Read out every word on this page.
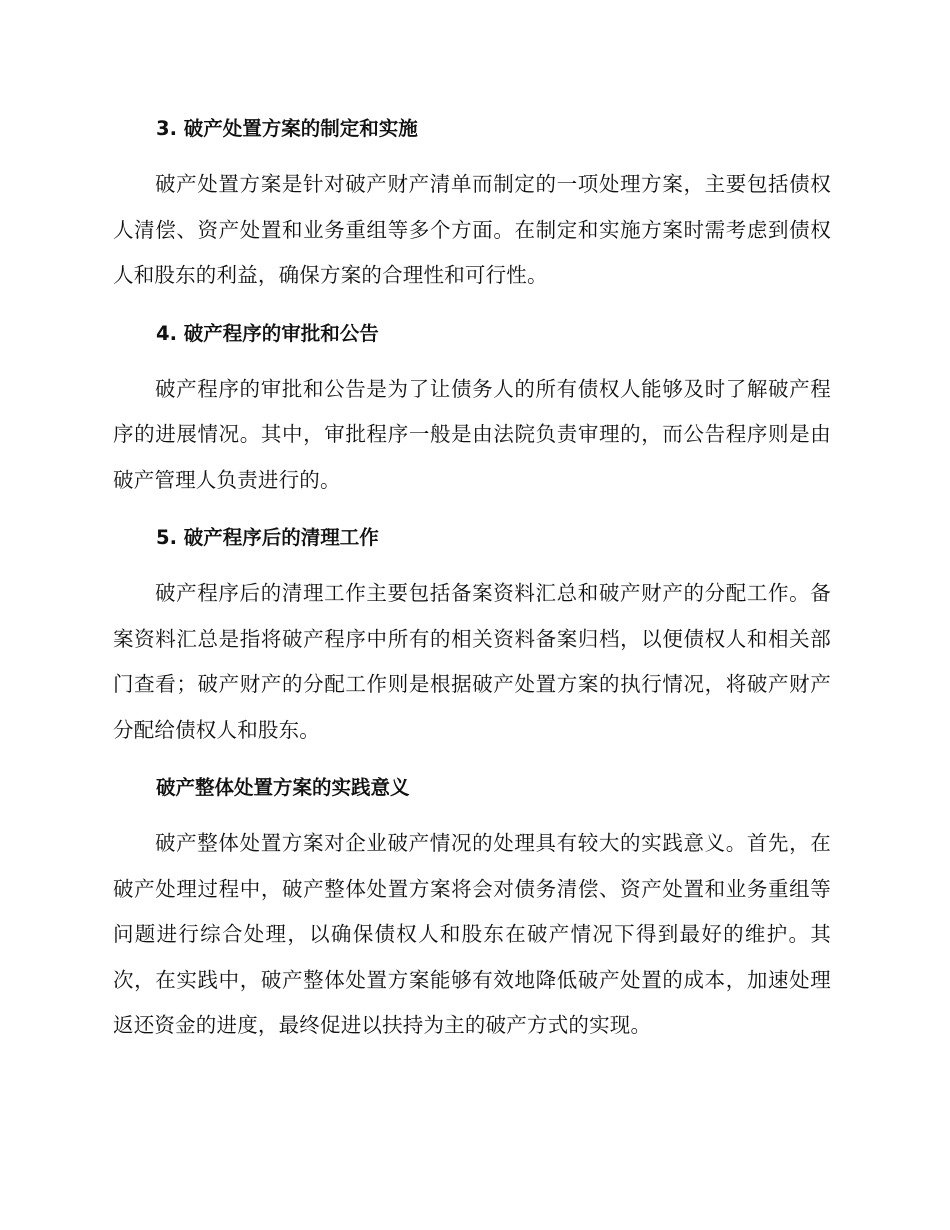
3. 破产处置方案的制定和实施

破产处置方案是针对破产财产清单而制定的一项处理方案，主要包括债权人清偿、资产处置和业务重组等多个方面。在制定和实施方案时需考虑到债权人和股东的利益，确保方案的合理性和可行性。

4. 破产程序的审批和公告

破产程序的审批和公告是为了让债务人的所有债权人能够及时了解破产程序的进展情况。其中，审批程序一般是由法院负责审理的，而公告程序则是由破产管理人负责进行的。

5. 破产程序后的清理工作

破产程序后的清理工作主要包括备案资料汇总和破产财产的分配工作。备案资料汇总是指将破产程序中所有的相关资料备案归档，以便债权人和相关部门查看；破产财产的分配工作则是根据破产处置方案的执行情况，将破产财产分配给债权人和股东。

破产整体处置方案的实践意义

破产整体处置方案对企业破产情况的处理具有较大的实践意义。首先，在破产处理过程中，破产整体处置方案将会对债务清偿、资产处置和业务重组等问题进行综合处理，以确保债权人和股东在破产情况下得到最好的维护。其次，在实践中，破产整体处置方案能够有效地降低破产处置的成本，加速处理返还资金的进度，最终促进以扶持为主的破产方式的实现。
